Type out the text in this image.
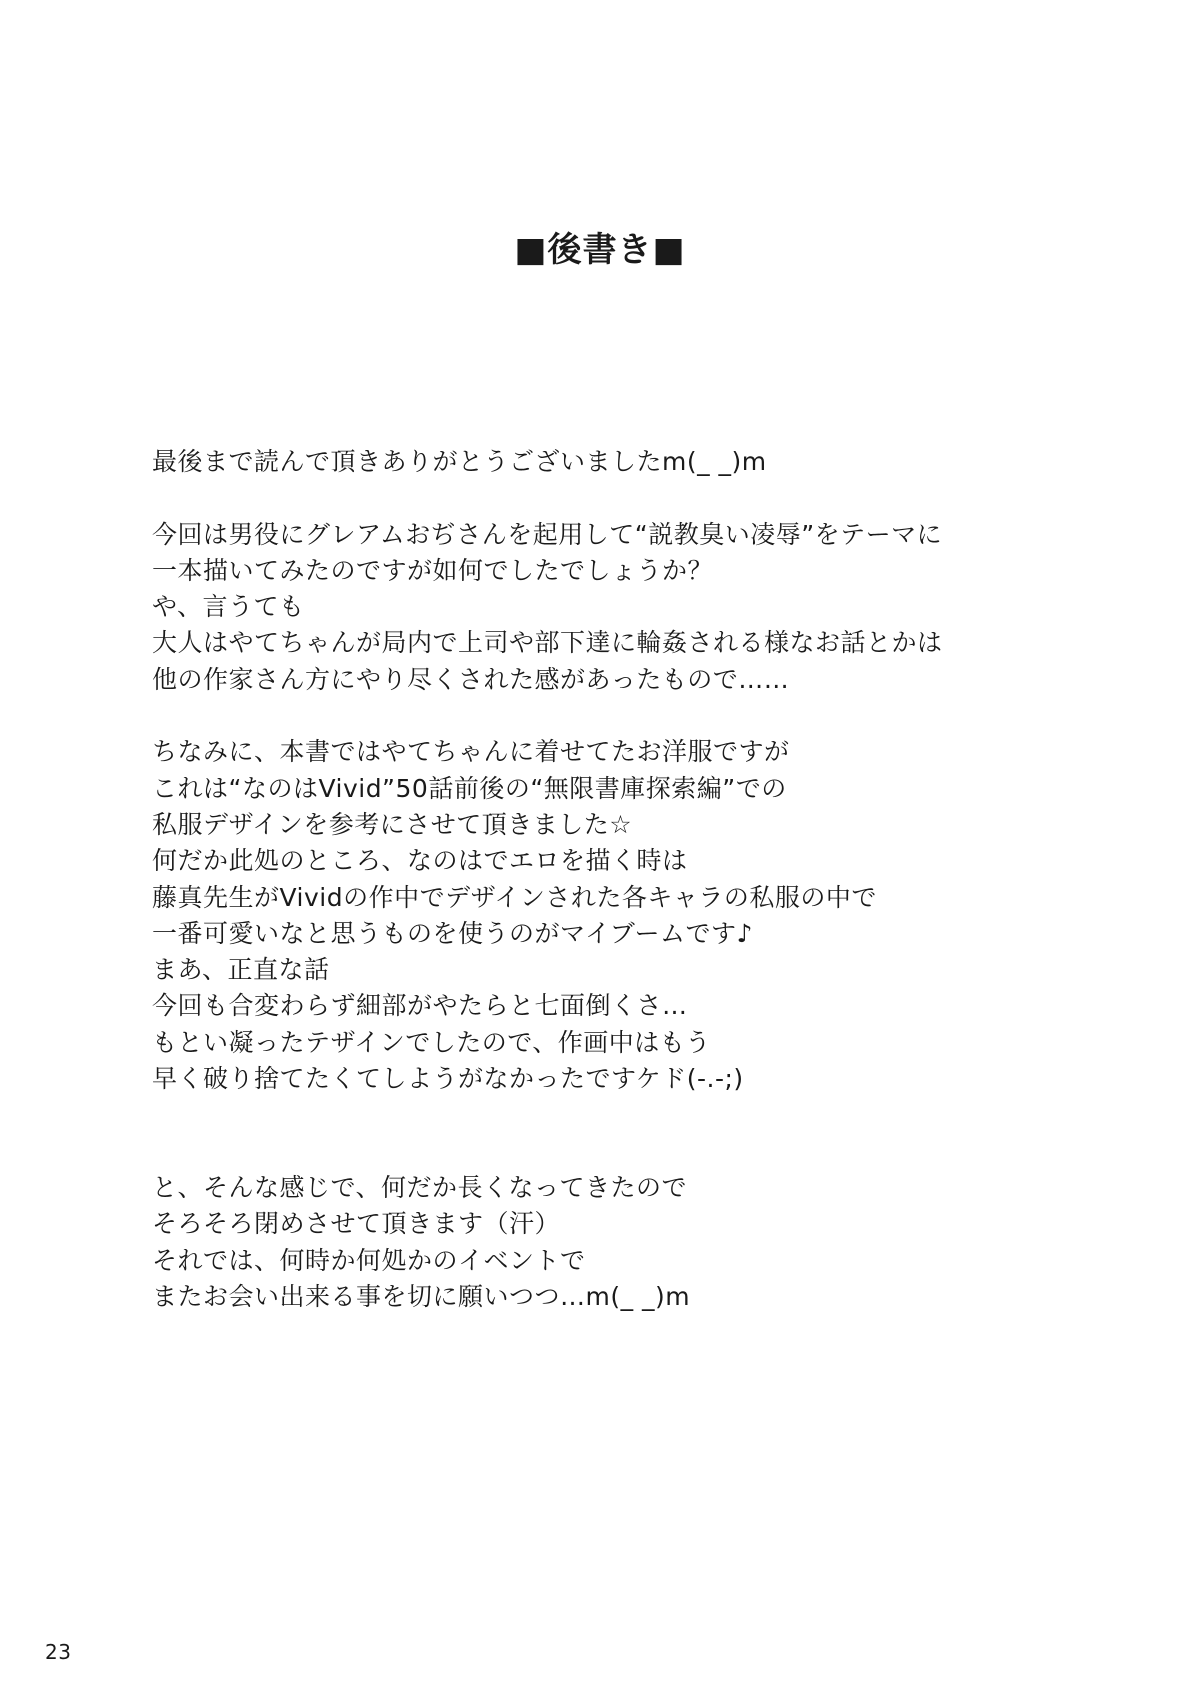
■後書き■

最後まで読んで頂きありがとうございましたm(_ _)m

今回は男役にグレアムおぢさんを起用して“説教臭い凌辱”をテーマに
一本描いてみたのですが如何でしたでしょうか？
や、言うても
大人はやてちゃんが局内で上司や部下達に輪姦される様なお話とかは
他の作家さん方にやり尽くされた感があったもので……

ちなみに、本書ではやてちゃんに着せてたお洋服ですが
これは“なのはVivid”50話前後の“無限書庫探索編”での
私服デザインを参考にさせて頂きました☆
何だか此処のところ、なのはでエロを描く時は
藤真先生がVividの作中でデザインされた各キャラの私服の中で
一番可愛いなと思うものを使うのがマイブームです♪
まあ、正直な話
今回も合変わらず細部がやたらと七面倒くさ…
もとい凝ったテザインでしたので、作画中はもう
早く破り捨てたくてしようがなかったですケド(-.-;)

と、そんな感じで、何だか長くなってきたので
そろそろ閉めさせて頂きます（汗）
それでは、何時か何処かのイベントで
またお会い出来る事を切に願いつつ…m(_ _)m

23
